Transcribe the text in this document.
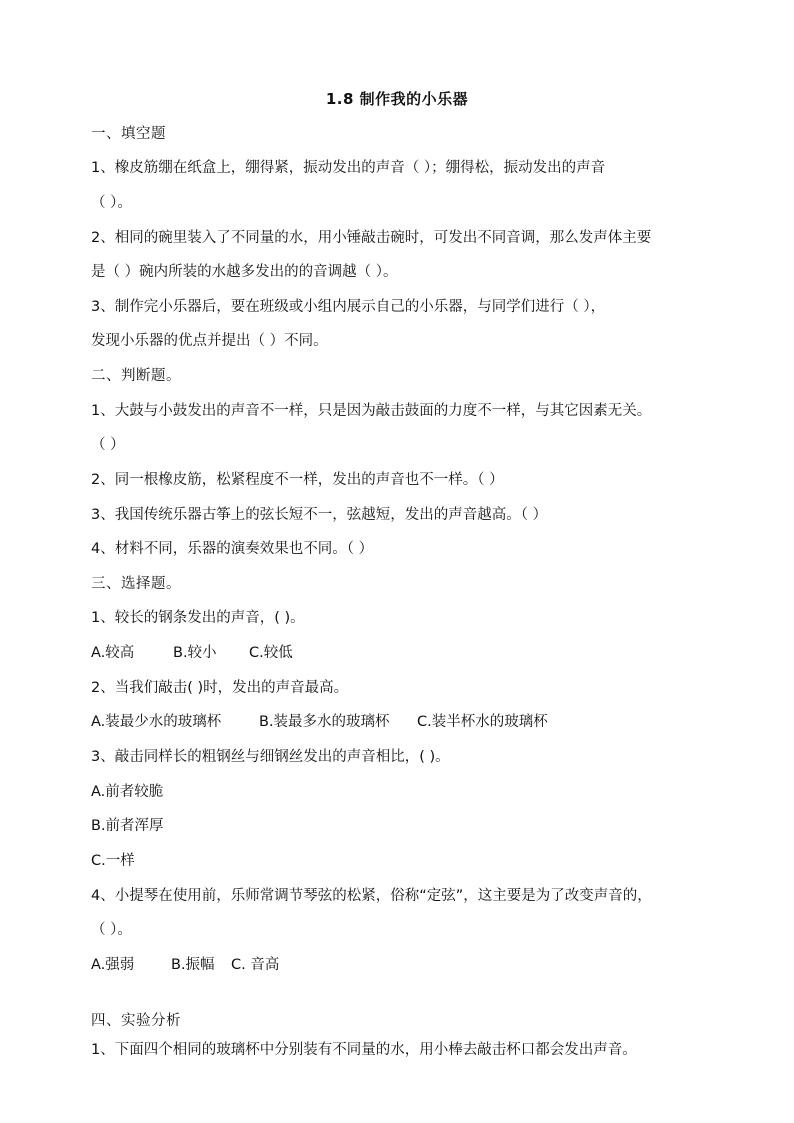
1.8 制作我的小乐器
一、填空题
1、橡皮筋绷在纸盒上，绷得紧，振动发出的声音（ ）；绷得松，振动发出的声音
（ ）。
2、相同的碗里装入了不同量的水，用小锤敲击碗时，可发出不同音调，那么发声体主要
是（ ）碗内所装的水越多发出的的音调越（ ）。
3、制作完小乐器后，要在班级或小组内展示自己的小乐器，与同学们进行（ ），
发现小乐器的优点并提出（ ）不同。
二、判断题。
1、大鼓与小鼓发出的声音不一样，只是因为敲击鼓面的力度不一样，与其它因素无关。
（ ）
2、同一根橡皮筋，松紧程度不一样，发出的声音也不一样。（ ）
3、我国传统乐器古筝上的弦长短不一，弦越短，发出的声音越高。（ ）
4、材料不同，乐器的演奏效果也不同。（ ）
三、选择题。
1、较长的钢条发出的声音，( )。
A.较高	B.较小 C.较低
2、当我们敲击( )时，发出的声音最高。
A.装最少水的玻璃杯	B.装最多水的玻璃杯 C.装半杯水的玻璃杯
3、敲击同样长的粗钢丝与细钢丝发出的声音相比，( )。
A.前者较脆
B.前者浑厚
C.一样
4、小提琴在使用前，乐师常调节琴弦的松紧，俗称“定弦”，这主要是为了改变声音的，
（ ）。
A.强弱	B.振幅 C. 音高
四、实验分析
1、下面四个相同的玻璃杯中分别装有不同量的水，用小棒去敲击杯口都会发出声音。
